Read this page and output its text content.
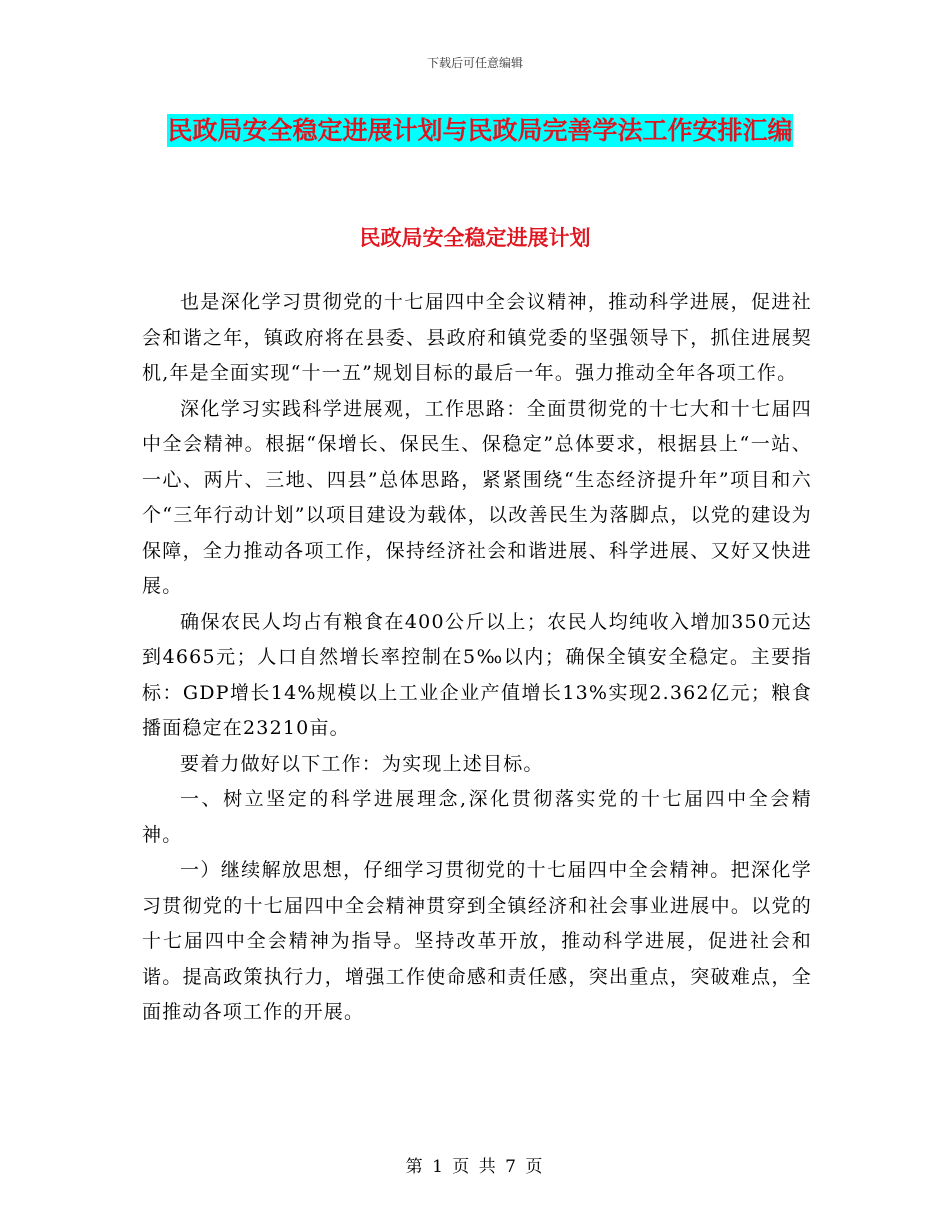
下载后可任意编辑
民政局安全稳定进展计划与民政局完善学法工作安排汇编
民政局安全稳定进展计划

也是深化学习贯彻党的十七届四中全会议精神，推动科学进展，促进社会和谐之年，镇政府将在县委、县政府和镇党委的坚强领导下，抓住进展契机,年是全面实现“十一五”规划目标的最后一年。强力推动全年各项工作。

深化学习实践科学进展观，工作思路：全面贯彻党的十七大和十七届四中全会精神。根据“保增长、保民生、保稳定”总体要求，根据县上“一站、一心、两片、三地、四县”总体思路，紧紧围绕“生态经济提升年”项目和六个“三年行动计划”以项目建设为载体，以改善民生为落脚点，以党的建设为保障，全力推动各项工作，保持经济社会和谐进展、科学进展、又好又快进展。

确保农民人均占有粮食在400公斤以上；农民人均纯收入增加350元达到4665元；人口自然增长率控制在5‰以内；确保全镇安全稳定。主要指标：GDP增长14%规模以上工业企业产值增长13%实现2.362亿元；粮食播面稳定在23210亩。

要着力做好以下工作：为实现上述目标。

一、树立坚定的科学进展理念,深化贯彻落实党的十七届四中全会精神。

一）继续解放思想，仔细学习贯彻党的十七届四中全会精神。把深化学习贯彻党的十七届四中全会精神贯穿到全镇经济和社会事业进展中。以党的十七届四中全会精神为指导。坚持改革开放，推动科学进展，促进社会和谐。提高政策执行力，增强工作使命感和责任感，突出重点，突破难点，全面推动各项工作的开展。

第 1 页 共 7 页
